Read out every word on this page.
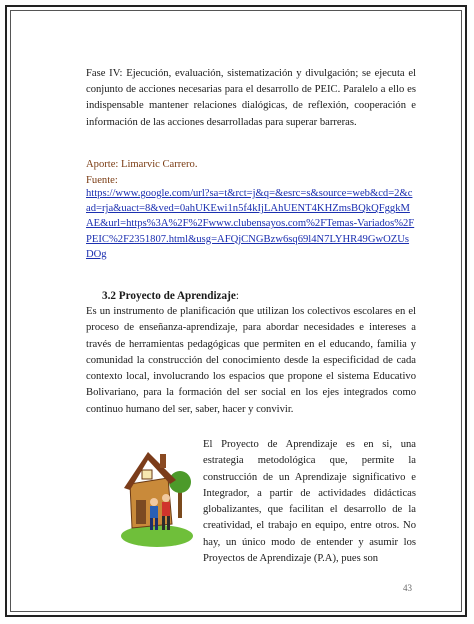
Fase IV: Ejecución, evaluación, sistematización y divulgación; se ejecuta el conjunto de acciones necesarias para el desarrollo de PEIC. Paralelo a ello es indispensable mantener relaciones dialógicas, de reflexión, cooperación e información de las acciones desarrolladas para superar barreras.
Aporte: Limarvic Carrero.
Fuente:
https://www.google.com/url?sa=t&rct=j&q=&esrc=s&source=web&cd=2&cad=rja&uact=8&ved=0ahUKEwi1n5f4kIjLAhUENT4KHZmsBQkQFggkMAE&url=https%3A%2F%2Fwww.clubensayos.com%2FTemas-Variados%2FPEIC%2F2351807.html&usg=AFQjCNGBzw6sq69l4N7LYHR49GwOZUsDOg
3.2 Proyecto de Aprendizaje:
Es un instrumento de planificación que utilizan los colectivos escolares en el proceso de enseñanza-aprendizaje, para abordar necesidades e intereses a través de herramientas pedagógicas que permiten en el educando, familia y comunidad la construcción del conocimiento desde la especificidad de cada contexto local, involucrando los espacios que propone el sistema Educativo Bolivariano, para la formación del ser social en los ejes integrados como continuo humano del ser, saber, hacer y convivir.
El Proyecto de Aprendizaje es en si, una estrategia metodológica que, permite la construcción de un Aprendizaje significativo e Integrador, a partir de actividades didácticas globalizantes, que facilitan el desarrollo de la creatividad, el trabajo en equipo, entre otros. No hay, un único modo de entender y asumir los Proyectos de Aprendizaje (P.A), pues son
43
